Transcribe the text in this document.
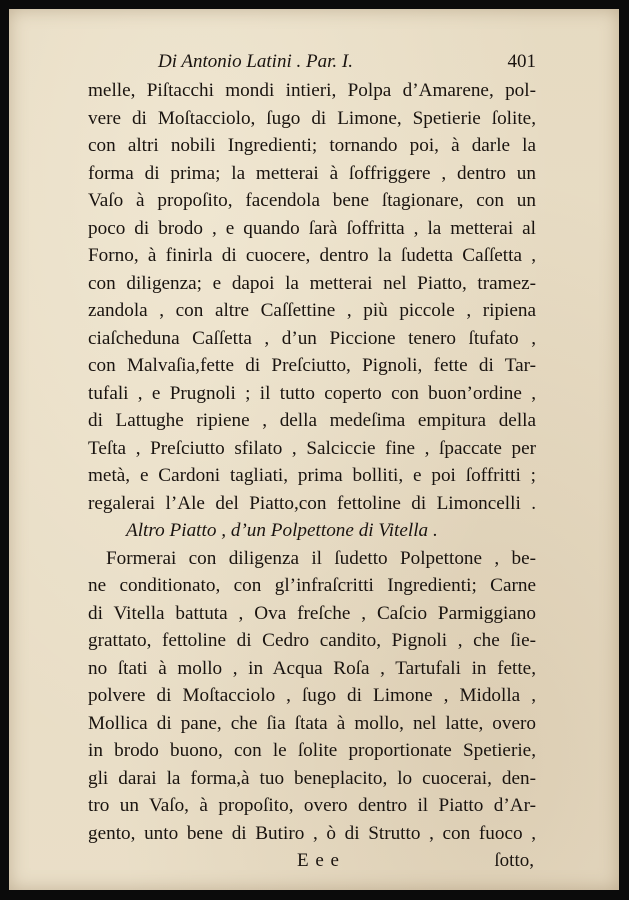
Di Antonio Latini . Par. I.	401
melle, Piſtacchi mondi intieri, Polpa d’Amarene, pol-
vere di Moſtacciolo, ſugo di Limone, Spetierie ſolite,
con altri nobili Ingredienti; tornando poi, à darle la
forma di prima; la metterai à ſoffriggere , dentro un
Vaſo à propoſito, facendola bene ſtagionare, con un
poco di brodo , e quando ſarà ſoffritta , la metterai al
Forno, à finirla di cuocere, dentro la ſudetta Caſſetta ,
con diligenza; e dapoi la metterai nel Piatto, tramez-
zandola , con altre Caſſettine , più piccole , ripiena
ciaſcheduna Caſſetta , d’un Piccione tenero ſtufato ,
con Malvaſia,fette di Preſciutto, Pignoli, fette di Tar-
tufali , e Prugnoli ; il tutto coperto con buon’ordine ,
di Lattughe ripiene , della medeſima empitura della
Teſta , Preſciutto sfilato , Salciccie fine , ſpaccate per
metà, e Cardoni tagliati, prima bolliti, e poi ſoffritti ;
regalerai l’Ale del Piatto,con fettoline di Limoncelli .
Altro Piatto , d’un Polpettone di Vitella .
Formerai con diligenza il ſudetto Polpettone , be-
ne conditionato, con gl’infraſcritti Ingredienti; Carne
di Vitella battuta , Ova freſche , Caſcio Parmiggiano
grattato, fettoline di Cedro candito, Pignoli , che ſie-
no ſtati à mollo , in Acqua Roſa , Tartufali in fette,
polvere di Moſtacciolo , ſugo di Limone , Midolla ,
Mollica di pane, che ſia ſtata à mollo, nel latte, overo
in brodo buono, con le ſolite proportionate Spetierie,
gli darai la forma,à tuo beneplacito, lo cuocerai, den-
tro un Vaſo, à propoſito, overo dentro il Piatto d’Ar-
gento, unto bene di Butiro , ò di Strutto , con fuoco ,
E e e	ſotto,
